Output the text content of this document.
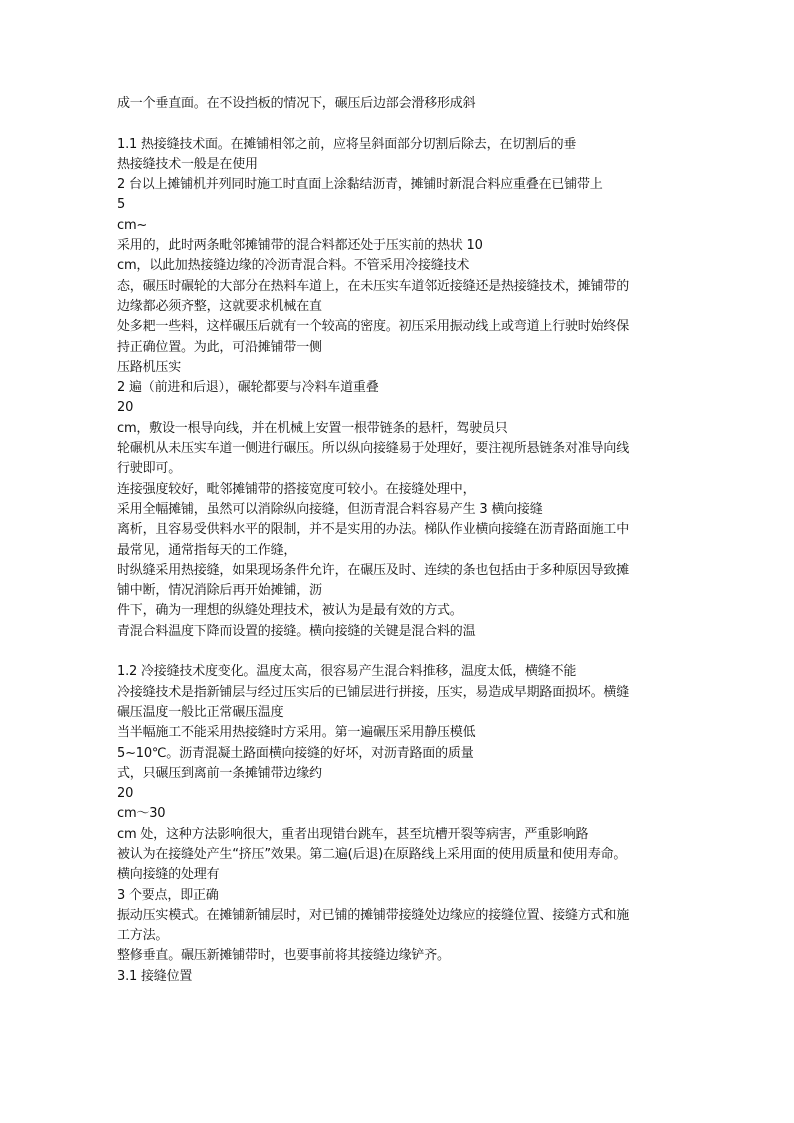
成一个垂直面。在不设挡板的情况下，碾压后边部会滑移形成斜

1.1 热接缝技术面。在摊铺相邻之前，应将呈斜面部分切割后除去，在切割后的垂

热接缝技术一般是在使用

2 台以上摊铺机并列同时施工时直面上涂黏结沥青，摊铺时新混合料应重叠在已铺带上

5

cm~

采用的，此时两条毗邻摊铺带的混合料都还处于压实前的热状 10

cm，以此加热接缝边缘的冷沥青混合料。不管采用冷接缝技术

态，碾压时碾轮的大部分在热料车道上，在未压实车道邻近接缝还是热接缝技术，摊铺带的

边缘都必须齐整，这就要求机械在直

处多耙一些料，这样碾压后就有一个较高的密度。初压采用振动线上或弯道上行驶时始终保

持正确位置。为此，可沿摊铺带一侧

压路机压实

2 遍（前进和后退），碾轮都要与冷料车道重叠

20

cm，敷设一根导向线，并在机械上安置一根带链条的悬杆，驾驶员只

轮碾机从未压实车道一侧进行碾压。所以纵向接缝易于处理好，要注视所悬链条对准导向线

行驶即可。

连接强度较好，毗邻摊铺带的搭接宽度可较小。在接缝处理中，

采用全幅摊铺，虽然可以消除纵向接缝，但沥青混合料容易产生 3 横向接缝

离析，且容易受供料水平的限制，并不是实用的办法。梯队作业横向接缝在沥青路面施工中

最常见，通常指每天的工作缝，

时纵缝采用热接缝，如果现场条件允许，在碾压及时、连续的条也包括由于多种原因导致摊

铺中断，情况消除后再开始摊铺，沥

件下，确为一理想的纵缝处理技术，被认为是最有效的方式。

青混合料温度下降而设置的接缝。横向接缝的关键是混合料的温

1.2 冷接缝技术度变化。温度太高，很容易产生混合料推移，温度太低，横缝不能

冷接缝技术是指新铺层与经过压实后的已铺层进行拼接，压实，易造成早期路面损坏。横缝

碾压温度一般比正常碾压温度

当半幅施工不能采用热接缝时方采用。第一遍碾压采用静压模低

5~10℃。沥青混凝土路面横向接缝的好坏，对沥青路面的质量

式，只碾压到离前一条摊铺带边缘约

20

cm～30

cm 处，这种方法影响很大，重者出现错台跳车，甚至坑槽开裂等病害，严重影响路

被认为在接缝处产生“挤压”效果。第二遍(后退)在原路线上采用面的使用质量和使用寿命。

横向接缝的处理有

3 个要点，即正确

振动压实模式。在摊铺新铺层时，对已铺的摊铺带接缝处边缘应的接缝位置、接缝方式和施

工方法。

整修垂直。碾压新摊铺带时，也要事前将其接缝边缘铲齐。

3.1 接缝位置
